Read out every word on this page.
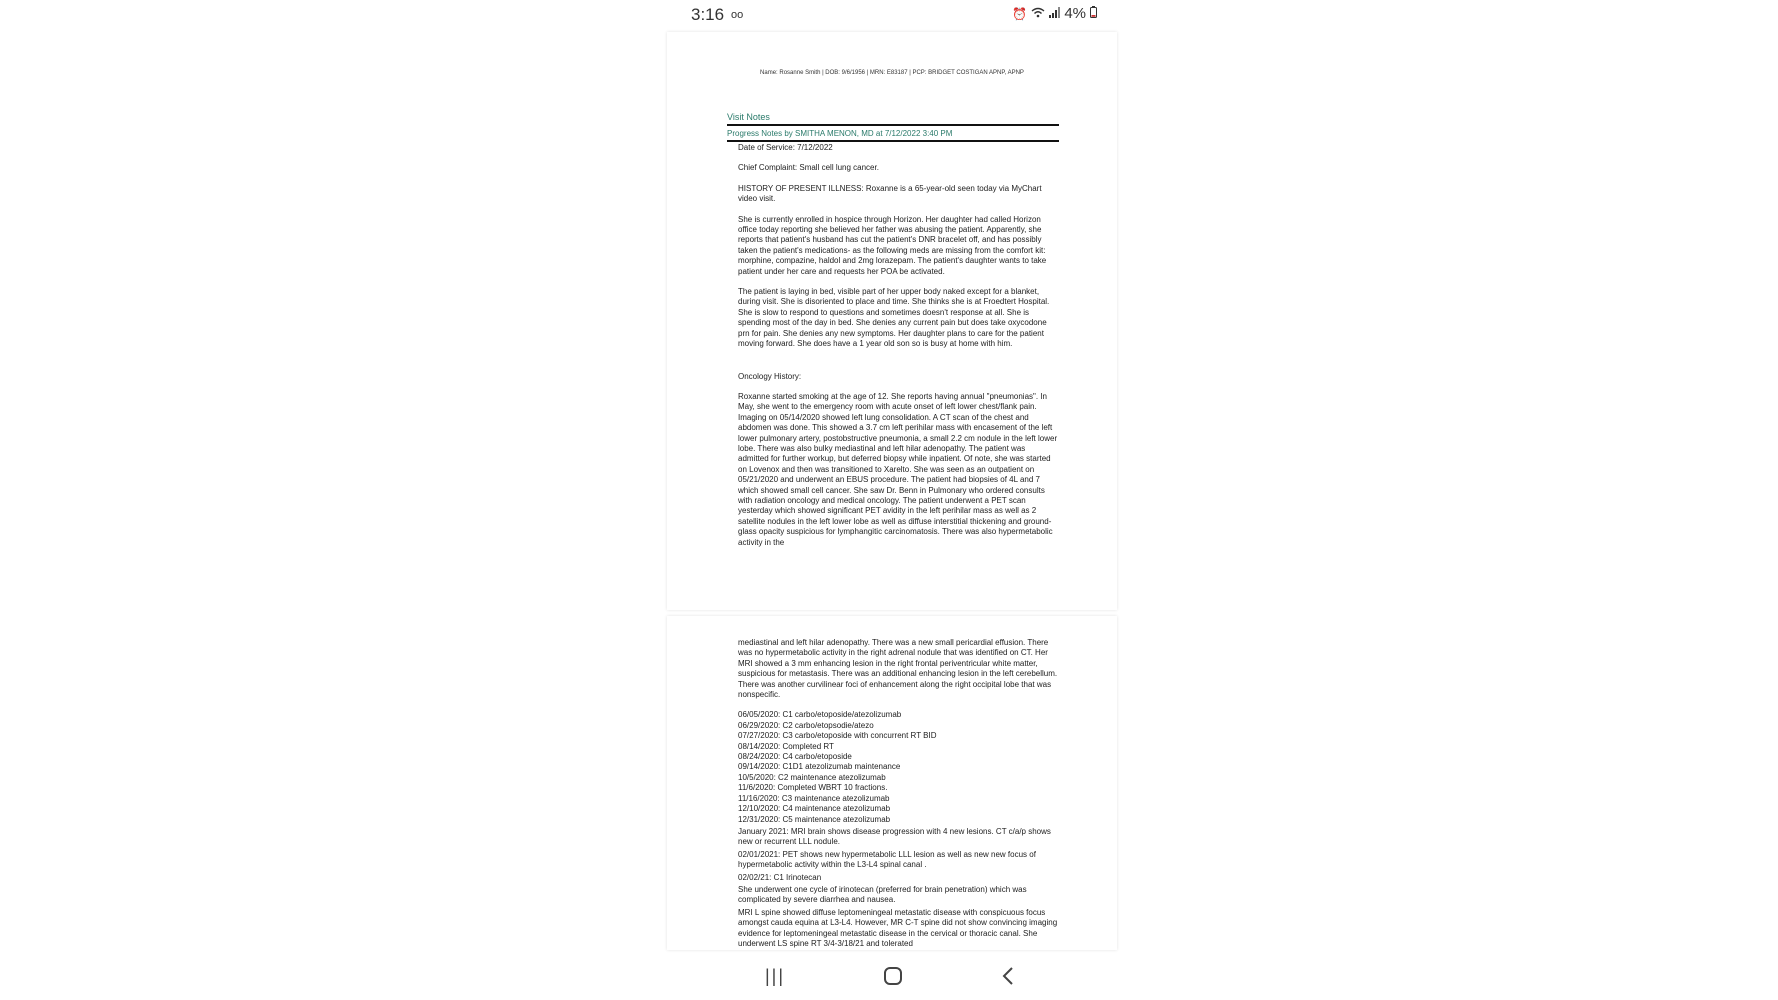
3:16 oo	⏰ 4%
Name: Rosanne Smith | DOB: 9/6/1956 | MRN: E83187 | PCP: BRIDGET COSTIGAN APNP, APNP
Visit Notes
Progress Notes by SMITHA MENON, MD at 7/12/2022 3:40 PM

Date of Service: 7/12/2022

Chief Complaint: Small cell lung cancer.

HISTORY OF PRESENT ILLNESS: Roxanne is a 65-year-old seen today via MyChart video visit.

She is currently enrolled in hospice through Horizon. Her daughter had called Horizon office today reporting she believed her father was abusing the patient. Apparently, she reports that patient's husband has cut the patient's DNR bracelet off, and has possibly taken the patient's medications- as the following meds are missing from the comfort kit: morphine, compazine, haldol and 2mg lorazepam. The patient's daughter wants to take patient under her care and requests her POA be activated.

The patient is laying in bed, visible part of her upper body naked except for a blanket, during visit. She is disoriented to place and time. She thinks she is at Froedtert Hospital. She is slow to respond to questions and sometimes doesn't response at all. She is spending most of the day in bed. She denies any current pain but does take oxycodone prn for pain. She denies any new symptoms. Her daughter plans to care for the patient moving forward. She does have a 1 year old son so is busy at home with him.

Oncology History:

Roxanne started smoking at the age of 12. She reports having annual "pneumonias". In May, she went to the emergency room with acute onset of left lower chest/flank pain. Imaging on 05/14/2020 showed left lung consolidation. A CT scan of the chest and abdomen was done. This showed a 3.7 cm left perihilar mass with encasement of the left lower pulmonary artery, postobstructive pneumonia, a small 2.2 cm nodule in the left lower lobe. There was also bulky mediastinal and left hilar adenopathy. The patient was admitted for further workup, but deferred biopsy while inpatient. Of note, she was started on Lovenox and then was transitioned to Xarelto. She was seen as an outpatient on 05/21/2020 and underwent an EBUS procedure. The patient had biopsies of 4L and 7 which showed small cell cancer. She saw Dr. Benn in Pulmonary who ordered consults with radiation oncology and medical oncology. The patient underwent a PET scan yesterday which showed significant PET avidity in the left perihilar mass as well as 2 satellite nodules in the left lower lobe as well as diffuse interstitial thickening and ground-glass opacity suspicious for lymphangitic carcinomatosis. There was also hypermetabolic activity in the

mediastinal and left hilar adenopathy. There was a new small pericardial effusion. There was no hypermetabolic activity in the right adrenal nodule that was identified on CT. Her MRI showed a 3 mm enhancing lesion in the right frontal periventricular white matter, suspicious for metastasis. There was an additional enhancing lesion in the left cerebellum. There was another curvilinear foci of enhancement along the right occipital lobe that was nonspecific.

06/05/2020: C1 carbo/etoposide/atezolizumab
06/29/2020: C2 carbo/etopsodie/atezo
07/27/2020: C3 carbo/etoposide with concurrent RT BID
08/14/2020: Completed RT
08/24/2020: C4 carbo/etoposide
09/14/2020: C1D1 atezolizumab maintenance
10/5/2020: C2 maintenance atezolizumab
11/6/2020: Completed WBRT 10 fractions.
11/16/2020: C3 maintenance atezolizumab
12/10/2020: C4 maintenance atezolizumab
12/31/2020: C5 maintenance atezolizumab

January 2021: MRI brain shows disease progression with 4 new lesions. CT c/a/p shows new or recurrent LLL nodule.

02/01/2021: PET shows new hypermetabolic LLL lesion as well as new new focus of hypermetabolic activity within the L3-L4 spinal canal .

02/02/21: C1 Irinotecan

She underwent one cycle of irinotecan (preferred for brain penetration) which was complicated by severe diarrhea and nausea.

MRI L spine showed diffuse leptomeningeal metastatic disease with conspicuous focus amongst cauda equina at L3-L4. However, MR C-T spine did not show convincing imaging evidence for leptomeningeal metastatic disease in the cervical or thoracic canal. She underwent LS spine RT 3/4-3/18/21 and tolerated

|||
